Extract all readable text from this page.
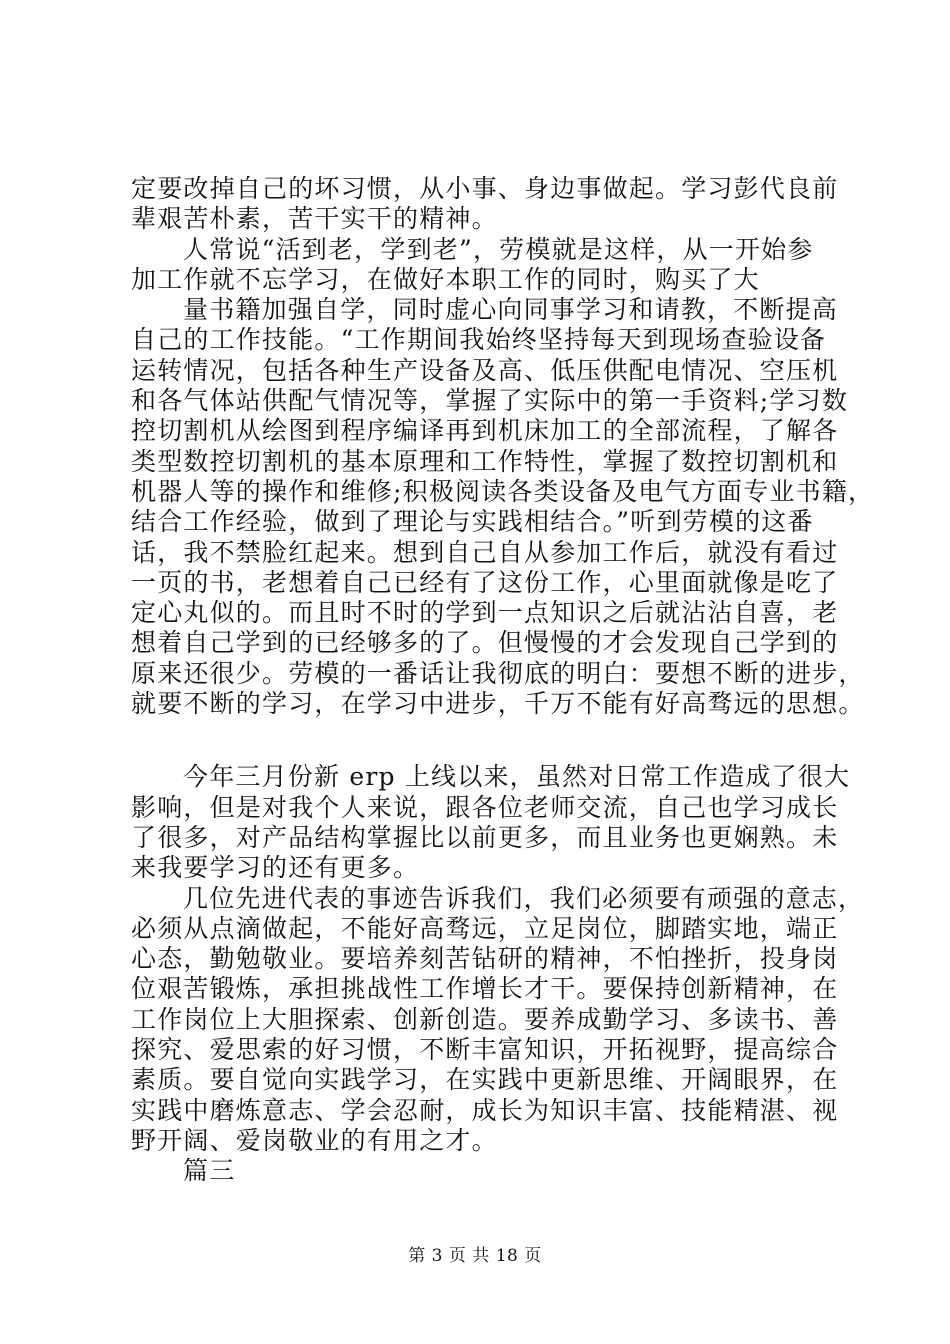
定要改掉自己的坏习惯，从小事、身边事做起。学习彭代良前
辈艰苦朴素，苦干实干的精神。
人常说“活到老，学到老”，劳模就是这样，从一开始参
加工作就不忘学习，在做好本职工作的同时，购买了大
量书籍加强自学，同时虚心向同事学习和请教，不断提高
自己的工作技能。“工作期间我始终坚持每天到现场查验设备
运转情况，包括各种生产设备及高、低压供配电情况、空压机
和各气体站供配气情况等，掌握了实际中的第一手资料;学习数
控切割机从绘图到程序编译再到机床加工的全部流程，了解各
类型数控切割机的基本原理和工作特性，掌握了数控切割机和
机器人等的操作和维修;积极阅读各类设备及电气方面专业书籍，
结合工作经验，做到了理论与实践相结合。”听到劳模的这番
话，我不禁脸红起来。想到自己自从参加工作后，就没有看过
一页的书，老想着自己已经有了这份工作，心里面就像是吃了
定心丸似的。而且时不时的学到一点知识之后就沾沾自喜，老
想着自己学到的已经够多的了。但慢慢的才会发现自己学到的
原来还很少。劳模的一番话让我彻底的明白：要想不断的进步，
就要不断的学习，在学习中进步，千万不能有好高骛远的思想。
今年三月份新 erp 上线以来，虽然对日常工作造成了很大
影响，但是对我个人来说，跟各位老师交流，自己也学习成长
了很多，对产品结构掌握比以前更多，而且业务也更娴熟。未
来我要学习的还有更多。
几位先进代表的事迹告诉我们，我们必须要有顽强的意志，
必须从点滴做起，不能好高骛远，立足岗位，脚踏实地，端正
心态，勤勉敬业。要培养刻苦钻研的精神，不怕挫折，投身岗
位艰苦锻炼，承担挑战性工作增长才干。要保持创新精神，在
工作岗位上大胆探索、创新创造。要养成勤学习、多读书、善
探究、爱思索的好习惯，不断丰富知识，开拓视野，提高综合
素质。要自觉向实践学习，在实践中更新思维、开阔眼界，在
实践中磨炼意志、学会忍耐，成长为知识丰富、技能精湛、视
野开阔、爱岗敬业的有用之才。
篇三
第 3 页 共 18 页
